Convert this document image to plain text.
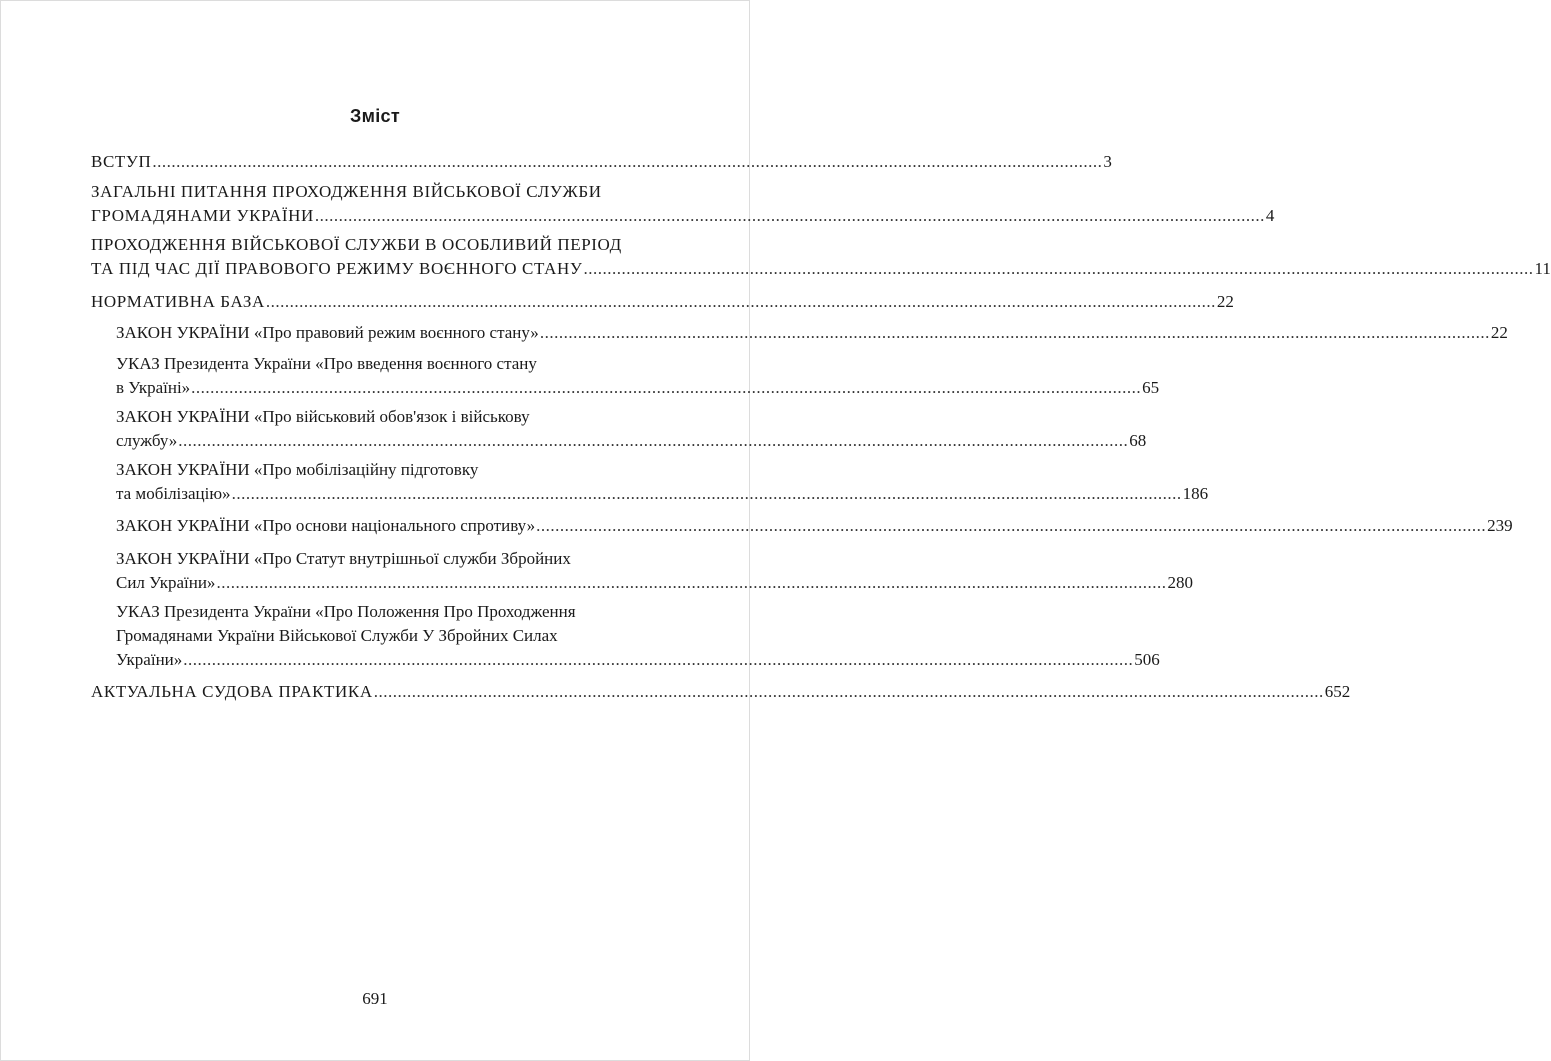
Зміст
ВСТУП ........................................................................................................................................................................................................ 3
ЗАГАЛЬНІ ПИТАННЯ ПРОХОДЖЕННЯ ВІЙСЬКОВОЇ СЛУЖБИ
ГРОМАДЯНАМИ УКРАЇНИ ........................................................................................................................................................................................................ 4
ПРОХОДЖЕННЯ ВІЙСЬКОВОЇ СЛУЖБИ В ОСОБЛИВИЙ ПЕРІОД
ТА ПІД ЧАС ДІЇ ПРАВОВОГО РЕЖИМУ ВОЄННОГО СТАНУ ........................................................................................................................................................................................................ 11
НОРМАТИВНА БАЗА ........................................................................................................................................................................................................ 22
ЗАКОН УКРАЇНИ «Про правовий режим воєнного стану» ........................................................................................................................................................................................................ 22
УКАЗ Президента України «Про введення воєнного стану
в Україні» ........................................................................................................................................................................................................ 65
ЗАКОН УКРАЇНИ «Про військовий обов'язок і військову
службу» ........................................................................................................................................................................................................ 68
ЗАКОН УКРАЇНИ «Про мобілізаційну підготовку
та мобілізацію» ........................................................................................................................................................................................................ 186
ЗАКОН УКРАЇНИ «Про основи національного спротиву» ........................................................................................................................................................................................................ 239
ЗАКОН УКРАЇНИ «Про Статут внутрішньої служби Збройних
Сил України» ........................................................................................................................................................................................................ 280
УКАЗ Президента України «Про Положення Про Проходження
Громадянами України Військової Служби У Збройних Силах
України» ........................................................................................................................................................................................................ 506
АКТУАЛЬНА СУДОВА ПРАКТИКА ........................................................................................................................................................................................................ 652
691
